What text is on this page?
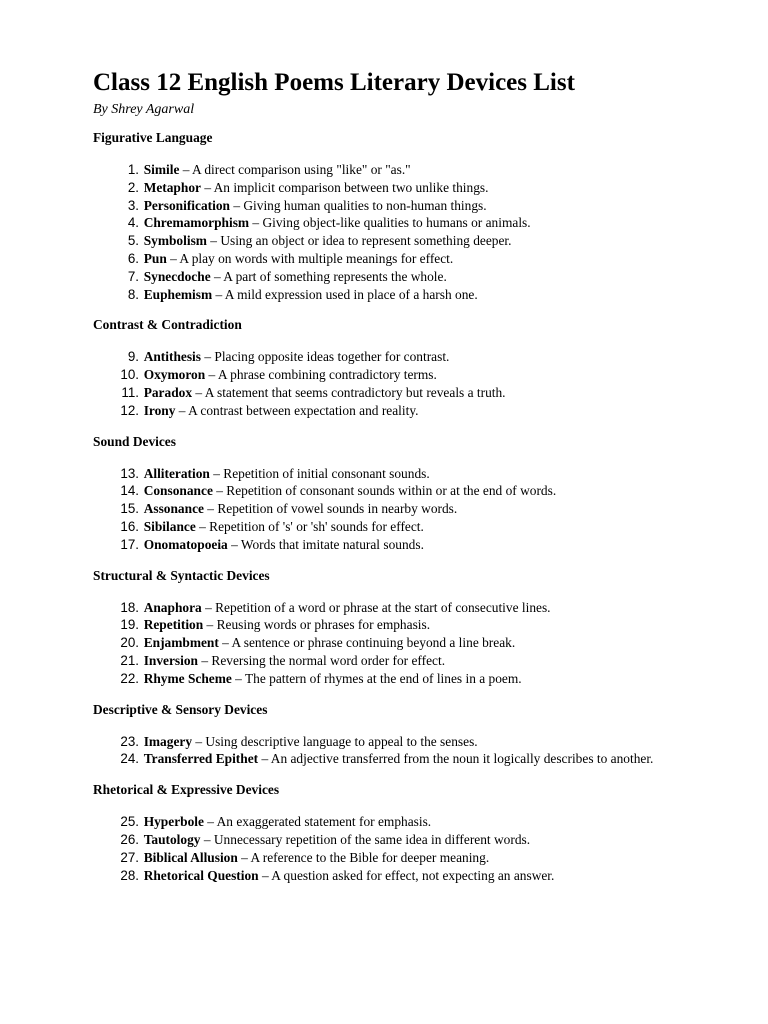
Class 12 English Poems Literary Devices List

By Shrey Agarwal

Figurative Language
1. Simile – A direct comparison using "like" or "as."
2. Metaphor – An implicit comparison between two unlike things.
3. Personification – Giving human qualities to non-human things.
4. Chremamorphism – Giving object-like qualities to humans or animals.
5. Symbolism – Using an object or idea to represent something deeper.
6. Pun – A play on words with multiple meanings for effect.
7. Synecdoche – A part of something represents the whole.
8. Euphemism – A mild expression used in place of a harsh one.
Contrast & Contradiction
9. Antithesis – Placing opposite ideas together for contrast.
10. Oxymoron – A phrase combining contradictory terms.
11. Paradox – A statement that seems contradictory but reveals a truth.
12. Irony – A contrast between expectation and reality.
Sound Devices
13. Alliteration – Repetition of initial consonant sounds.
14. Consonance – Repetition of consonant sounds within or at the end of words.
15. Assonance – Repetition of vowel sounds in nearby words.
16. Sibilance – Repetition of 's' or 'sh' sounds for effect.
17. Onomatopoeia – Words that imitate natural sounds.
Structural & Syntactic Devices
18. Anaphora – Repetition of a word or phrase at the start of consecutive lines.
19. Repetition – Reusing words or phrases for emphasis.
20. Enjambment – A sentence or phrase continuing beyond a line break.
21. Inversion – Reversing the normal word order for effect.
22. Rhyme Scheme – The pattern of rhymes at the end of lines in a poem.
Descriptive & Sensory Devices
23. Imagery – Using descriptive language to appeal to the senses.
24. Transferred Epithet – An adjective transferred from the noun it logically describes to another.
Rhetorical & Expressive Devices
25. Hyperbole – An exaggerated statement for emphasis.
26. Tautology – Unnecessary repetition of the same idea in different words.
27. Biblical Allusion – A reference to the Bible for deeper meaning.
28. Rhetorical Question – A question asked for effect, not expecting an answer.
